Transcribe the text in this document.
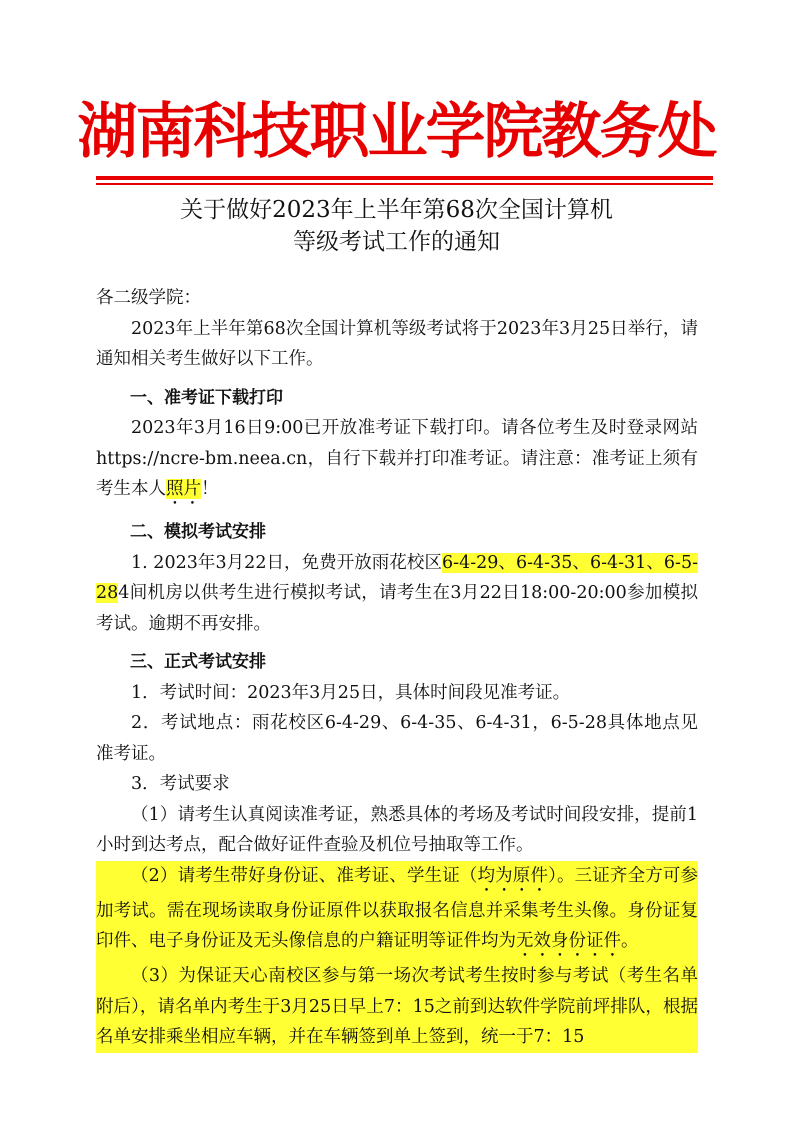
湖南科技职业学院教务处
关于做好2023年上半年第68次全国计算机
等级考试工作的通知

各二级学院：

2023年上半年第68次全国计算机等级考试将于2023年3月25日举行，请通知相关考生做好以下工作。

一、准考证下载打印

2023年3月16日9:00已开放准考证下载打印。请各位考生及时登录网站https://ncre-bm.neea.cn，自行下载并打印准考证。请注意：准考证上须有考生本人照片！

二、模拟考试安排

1. 2023年3月22日，免费开放雨花校区6-4-29、6-4-35、6-4-31、6-5-284间机房以供考生进行模拟考试，请考生在3月22日18:00-20:00参加模拟考试。逾期不再安排。

三、正式考试安排

1．考试时间：2023年3月25日，具体时间段见准考证。

2．考试地点：雨花校区6-4-29、6-4-35、6-4-31，6-5-28具体地点见准考证。

3．考试要求

（1）请考生认真阅读准考证，熟悉具体的考场及考试时间段安排，提前1小时到达考点，配合做好证件查验及机位号抽取等工作。

（2）请考生带好身份证、准考证、学生证（均为原件）。三证齐全方可参加考试。需在现场读取身份证原件以获取报名信息并采集考生头像。身份证复印件、电子身份证及无头像信息的户籍证明等证件均为无效身份证件。

（3）为保证天心南校区参与第一场次考试考生按时参与考试（考生名单附后），请名单内考生于3月25日早上7：15之前到达软件学院前坪排队，根据名单安排乘坐相应车辆，并在车辆签到单上签到，统一于7：15
